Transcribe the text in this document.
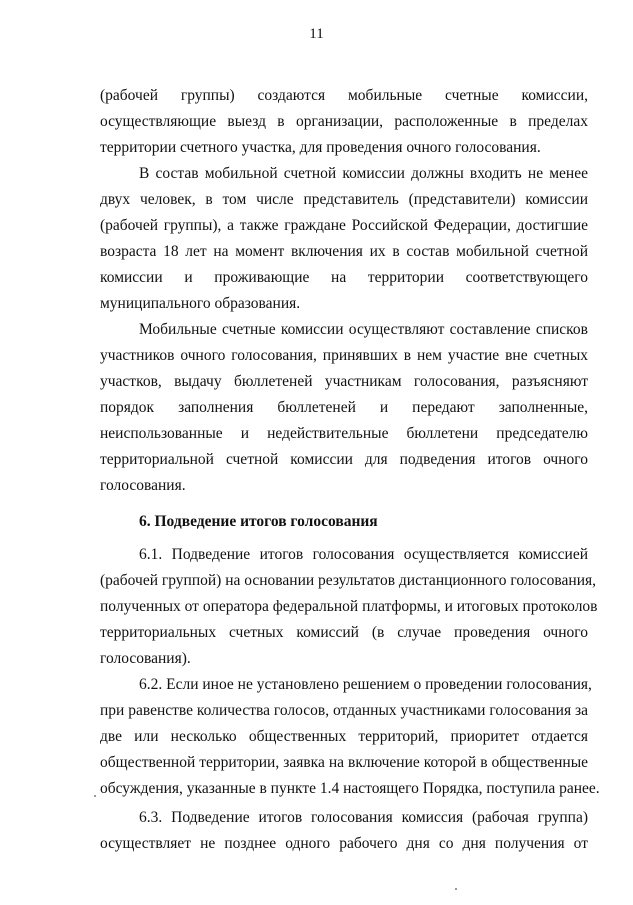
11
(рабочей группы) создаются мобильные счетные комиссии,
осуществляющие выезд в организации, расположенные в пределах
территории счетного участка, для проведения очного голосования.
В состав мобильной счетной комиссии должны входить не менее
двух человек, в том числе представитель (представители) комиссии
(рабочей группы), а также граждане Российской Федерации, достигшие
возраста 18 лет на момент включения их в состав мобильной счетной
комиссии и проживающие на территории соответствующего
муниципального образования.
Мобильные счетные комиссии осуществляют составление списков
участников очного голосования, принявших в нем участие вне счетных
участков, выдачу бюллетеней участникам голосования, разъясняют
порядок заполнения бюллетеней и передают заполненные,
неиспользованные и недействительные бюллетени председателю
территориальной счетной комиссии для подведения итогов очного
голосования.
6. Подведение итогов голосования
6.1. Подведение итогов голосования осуществляется комиссией
(рабочей группой) на основании результатов дистанционного голосования,
полученных от оператора федеральной платформы, и итоговых протоколов
территориальных счетных комиссий (в случае проведения очного
голосования).
6.2. Если иное не установлено решением о проведении голосования,
при равенстве количества голосов, отданных участниками голосования за
две или несколько общественных территорий, приоритет отдается
общественной территории, заявка на включение которой в общественные
обсуждения, указанные в пункте 1.4 настоящего Порядка, поступила ранее.
6.3. Подведение итогов голосования комиссия (рабочая группа)
осуществляет не позднее одного рабочего дня со дня получения от
